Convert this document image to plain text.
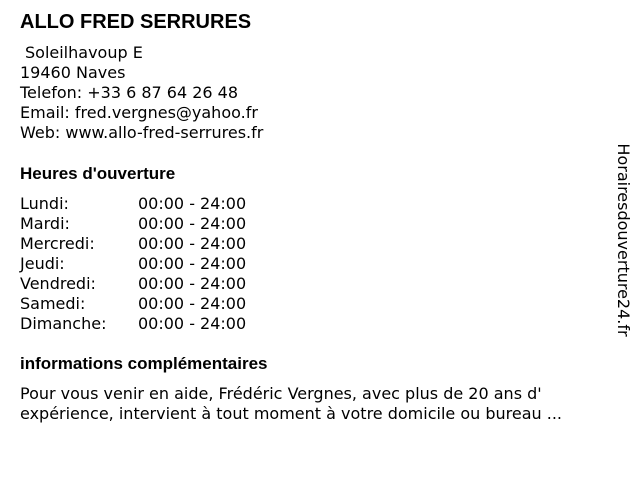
ALLO FRED SERRURES
Soleilhavoup E
19460 Naves
Telefon: +33 6 87 64 26 48
Email: fred.vergnes@yahoo.fr
Web: www.allo-fred-serrures.fr
Heures d'ouverture
Lundi:	00:00 - 24:00
Mardi:	00:00 - 24:00
Mercredi:	00:00 - 24:00
Jeudi:	00:00 - 24:00
Vendredi:	00:00 - 24:00
Samedi:	00:00 - 24:00
Dimanche:	00:00 - 24:00
informations complémentaires

Pour vous venir en aide, Frédéric Vergnes, avec plus de 20 ans d' expérience, intervient à tout moment à votre domicile ou bureau ...

Horairesdouverture24.fr
